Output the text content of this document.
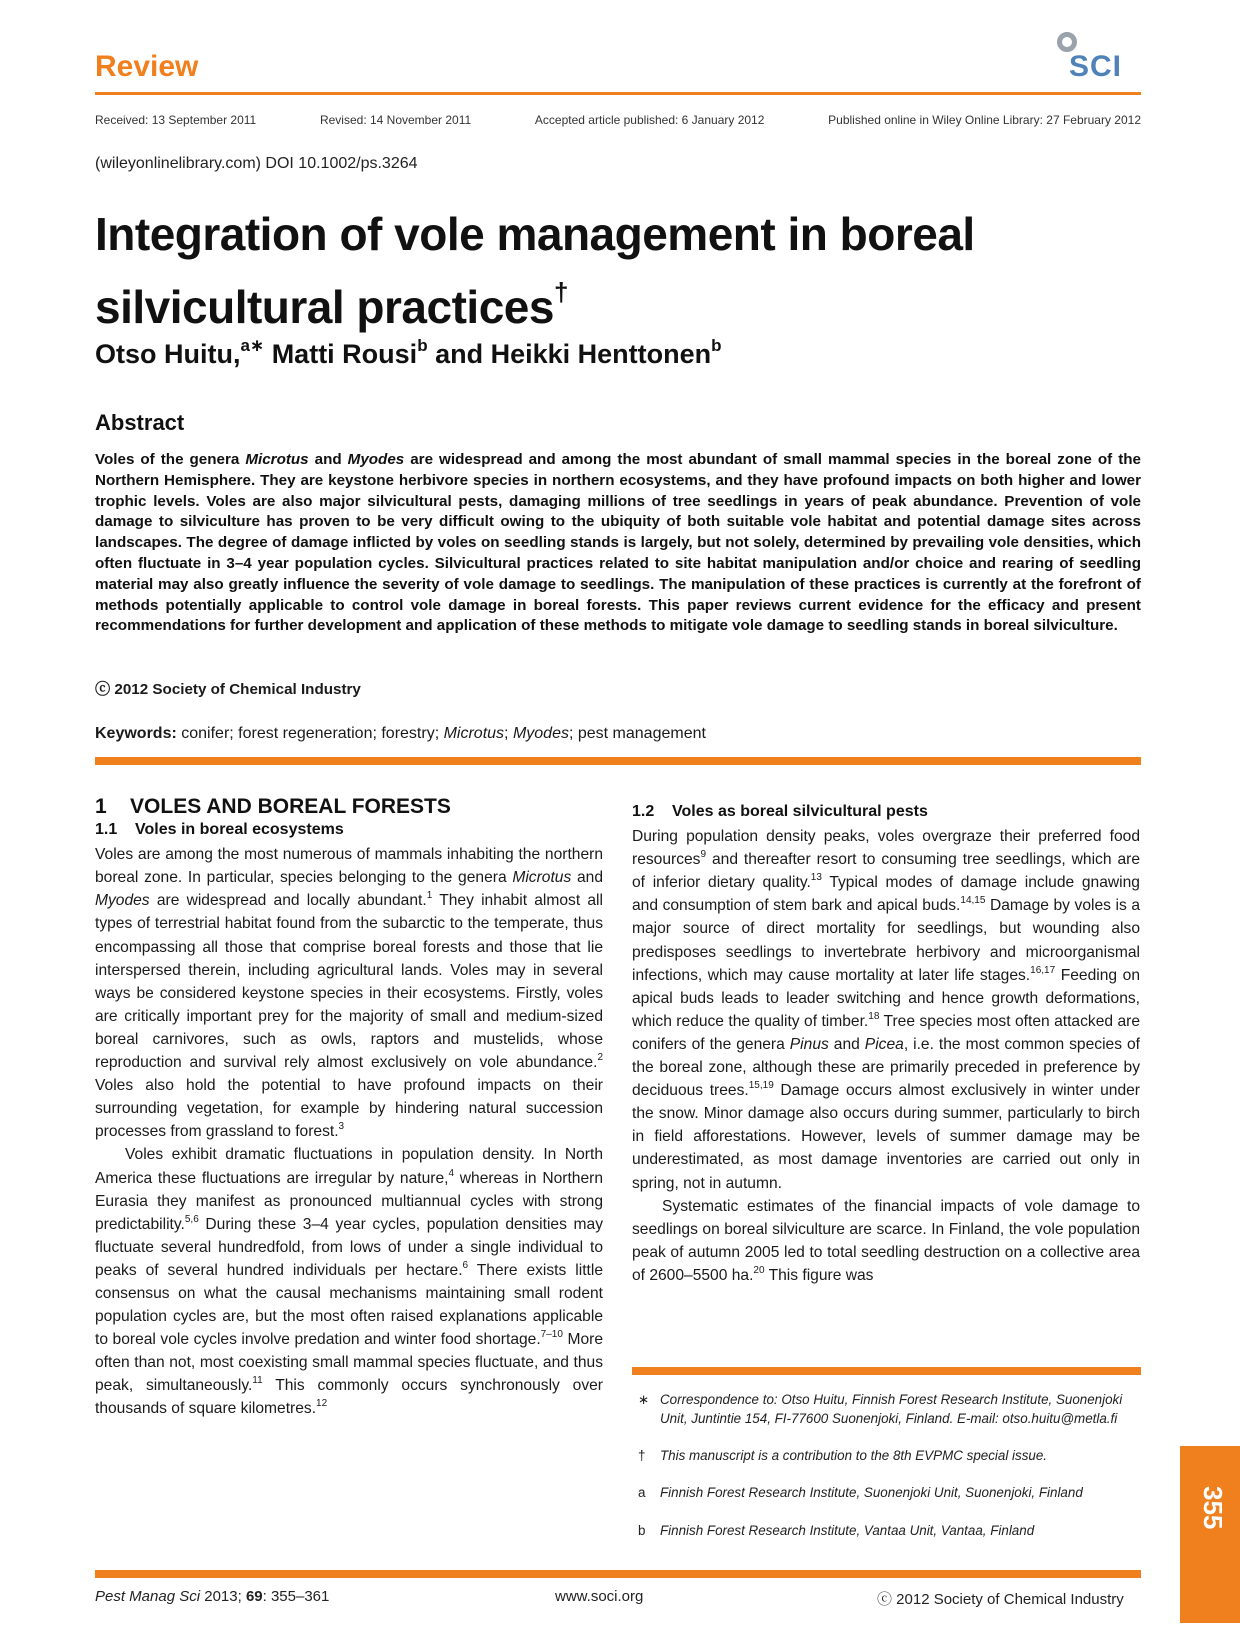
Review	SCI
Received: 13 September 2011	Revised: 14 November 2011	Accepted article published: 6 January 2012	Published online in Wiley Online Library: 27 February 2012
(wileyonlinelibrary.com) DOI 10.1002/ps.3264
Integration of vole management in boreal
silvicultural practices†
Otso Huitu,$^{a∗}$ Matti Rousi$^b$ and Heikki Henttonen$^b$
Abstract
Voles of the genera Microtus and Myodes are widespread and among the most abundant of small mammal species in the boreal zone of the Northern Hemisphere. They are keystone herbivore species in northern ecosystems, and they have profound impacts on both higher and lower trophic levels. Voles are also major silvicultural pests, damaging millions of tree seedlings in years of peak abundance. Prevention of vole damage to silviculture has proven to be very difficult owing to the ubiquity of both suitable vole habitat and potential damage sites across landscapes. The degree of damage inflicted by voles on seedling stands is largely, but not solely, determined by prevailing vole densities, which often fluctuate in 3–4 year population cycles. Silvicultural practices related to site habitat manipulation and/or choice and rearing of seedling material may also greatly influence the severity of vole damage to seedlings. The manipulation of these practices is currently at the forefront of methods potentially applicable to control vole damage in boreal forests. This paper reviews current evidence for the efficacy and present recommendations for further development and application of these methods to mitigate vole damage to seedling stands in boreal silviculture.
ⓒ 2012 Society of Chemical Industry
Keywords: conifer; forest regeneration; forestry; Microtus; Myodes; pest management
1 VOLES AND BOREAL FORESTS
1.1 Voles in boreal ecosystems

Voles are among the most numerous of mammals inhabiting the northern boreal zone. In particular, species belonging to the genera Microtus and Myodes are widespread and locally abundant.$^1$ They inhabit almost all types of terrestrial habitat found from the subarctic to the temperate, thus encompassing all those that comprise boreal forests and those that lie interspersed therein, including agricultural lands. Voles may in several ways be considered keystone species in their ecosystems. Firstly, voles are critically important prey for the majority of small and medium-sized boreal carnivores, such as owls, raptors and mustelids, whose reproduction and survival rely almost exclusively on vole abundance.$^2$ Voles also hold the potential to have profound impacts on their surrounding vegetation, for example by hindering natural succession processes from grassland to forest.$^3$

Voles exhibit dramatic fluctuations in population density. In North America these fluctuations are irregular by nature,$^4$ whereas in Northern Eurasia they manifest as pronounced multiannual cycles with strong predictability.$^{5,6}$ During these 3–4 year cycles, population densities may fluctuate several hundredfold, from lows of under a single individual to peaks of several hundred individuals per hectare.$^6$ There exists little consensus on what the causal mechanisms maintaining small rodent population cycles are, but the most often raised explanations applicable to boreal vole cycles involve predation and winter food shortage.$^{7-10}$ More often than not, most coexisting small mammal species fluctuate, and thus peak, simultaneously.$^{11}$ This commonly occurs synchronously over thousands of square kilometres.$^{12}$

1.2 Voles as boreal silvicultural pests

During population density peaks, voles overgraze their preferred food resources$^9$ and thereafter resort to consuming tree seedlings, which are of inferior dietary quality.$^{13}$ Typical modes of damage include gnawing and consumption of stem bark and apical buds.$^{14,15}$ Damage by voles is a major source of direct mortality for seedlings, but wounding also predisposes seedlings to invertebrate herbivory and microorganismal infections, which may cause mortality at later life stages.$^{16,17}$ Feeding on apical buds leads to leader switching and hence growth deformations, which reduce the quality of timber.$^{18}$ Tree species most often attacked are conifers of the genera Pinus and Picea, i.e. the most common species of the boreal zone, although these are primarily preceded in preference by deciduous trees.$^{15,19}$ Damage occurs almost exclusively in winter under the snow. Minor damage also occurs during summer, particularly to birch in field afforestations. However, levels of summer damage may be underestimated, as most damage inventories are carried out only in spring, not in autumn.

Systematic estimates of the financial impacts of vole damage to seedlings on boreal silviculture are scarce. In Finland, the vole population peak of autumn 2005 led to total seedling destruction on a collective area of 2600–5500 ha.$^{20}$ This figure was

∗ Correspondence to: Otso Huitu, Finnish Forest Research Institute, Suonenjoki Unit, Juntintie 154, FI-77600 Suonenjoki, Finland. E-mail: otso.huitu@metla.fi
† This manuscript is a contribution to the 8th EVPMC special issue.
a Finnish Forest Research Institute, Suonenjoki Unit, Suonenjoki, Finland
b Finnish Forest Research Institute, Vantaa Unit, Vantaa, Finland
355
Pest Manag Sci 2013; 69: 355–361	www.soci.org	ⓒ 2012 Society of Chemical Industry
